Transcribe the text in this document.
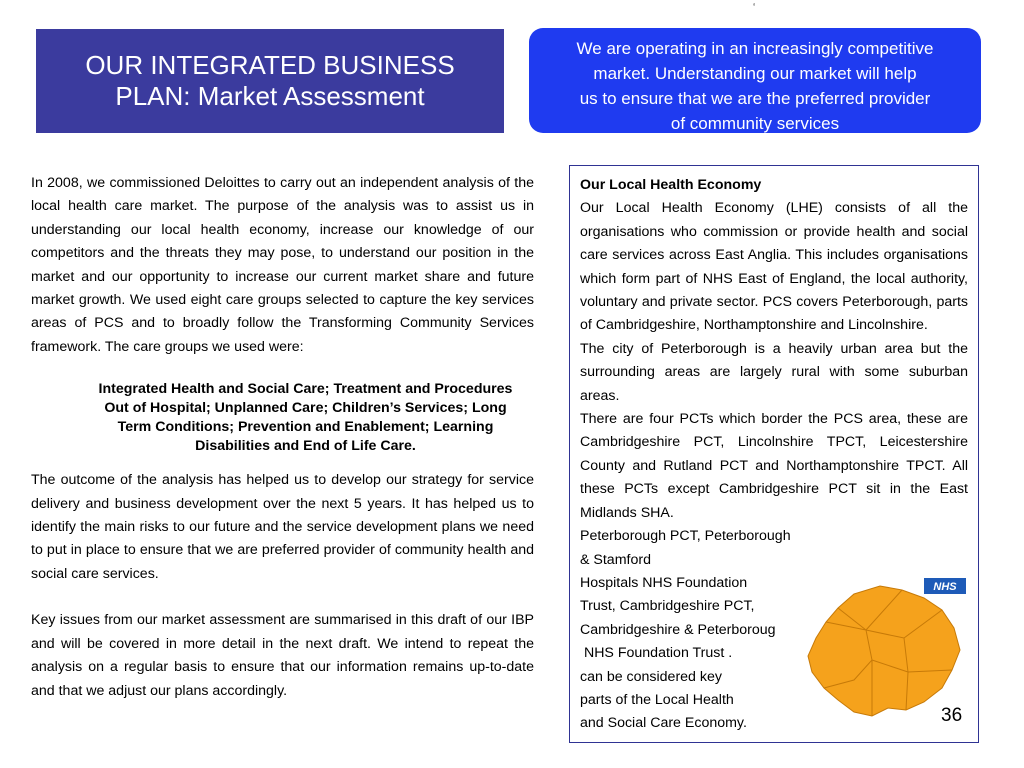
OUR INTEGRATED BUSINESS
PLAN: Market Assessment
‘
We are operating in an increasingly competitive
market. Understanding our market will help
us to ensure that we are the preferred provider
of community services

In 2008, we commissioned Deloittes to carry out an independent analysis of the local health care market. The purpose of the analysis was to assist us in understanding our local health economy, increase our knowledge of our competitors and the threats they may pose, to understand our position in the market and our opportunity to increase our current market share and future market growth. We used eight care groups selected to capture the key services areas of PCS and to broadly follow the Transforming Community Services framework. The care groups we used were:

Integrated Health and Social Care; Treatment and Procedures Out of Hospital; Unplanned Care; Children’s Services; Long Term Conditions; Prevention and Enablement; Learning Disabilities and End of Life Care.

The outcome of the analysis has helped us to develop our strategy for service delivery and business development over the next 5 years. It has helped us to identify the main risks to our future and the service development plans we need to put in place to ensure that we are preferred provider of community health and social care services.

Key issues from our market assessment are summarised in this draft of our IBP and will be covered in more detail in the next draft. We intend to repeat the analysis on a regular basis to ensure that our information remains up-to-date and that we adjust our plans accordingly.

Our Local Health Economy
Our Local Health Economy (LHE) consists of all the organisations who commission or provide health and social care services across East Anglia. This includes organisations which form part of NHS East of England, the local authority, voluntary and private sector. PCS covers Peterborough, parts of Cambridgeshire, Northamptonshire and Lincolnshire.
The city of Peterborough is a heavily urban area but the surrounding areas are largely rural with some suburban areas.
There are four PCTs which border the PCS area, these are Cambridgeshire PCT, Lincolnshire TPCT, Leicestershire County and Rutland PCT and Northamptonshire TPCT. All these PCTs except Cambridgeshire PCT sit in the East Midlands SHA.
Peterborough PCT, Peterborough & Stamford
Hospitals NHS Foundation
Trust, Cambridgeshire PCT,
Cambridgeshire & Peterboroug
NHS Foundation Trust .
can be considered key
parts of the Local Health
and Social Care Economy.
NHS
New
36
